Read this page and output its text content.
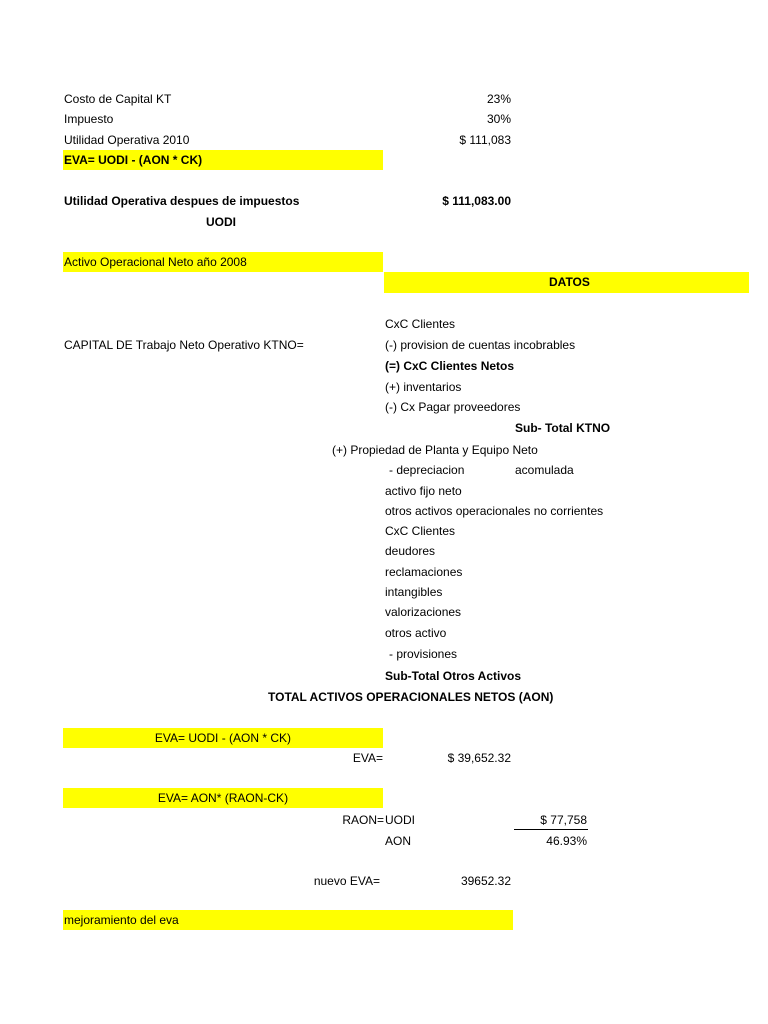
Costo de Capital KT	23%
Impuesto	30%
Utilidad Operativa 2010	$ 111,083
EVA= UODI - (AON * CK)
Utilidad Operativa despues de impuestos	$ 111,083.00
UODI
Activo Operacional Neto año 2008
DATOS
CAPITAL DE Trabajo Neto Operativo KTNO=
CxC Clientes
(-) provision de cuentas incobrables
(=) CxC Clientes Netos
(+) inventarios
(-) Cx Pagar proveedores
Sub- Total KTNO
(+) Propiedad de Planta y Equipo Neto
- depreciacion	acomulada
activo fijo neto
otros activos operacionales no corrientes
CxC Clientes
deudores
reclamaciones
intangibles
valorizaciones
otros activo
- provisiones
Sub-Total Otros Activos
TOTAL ACTIVOS OPERACIONALES NETOS (AON)
EVA= UODI - (AON * CK)
EVA=	$ 39,652.32
EVA= AON* (RAON-CK)
RAON= UODI	$ 77,758
AON	46.93%
nuevo EVA=	39652.32
mejoramiento del eva
